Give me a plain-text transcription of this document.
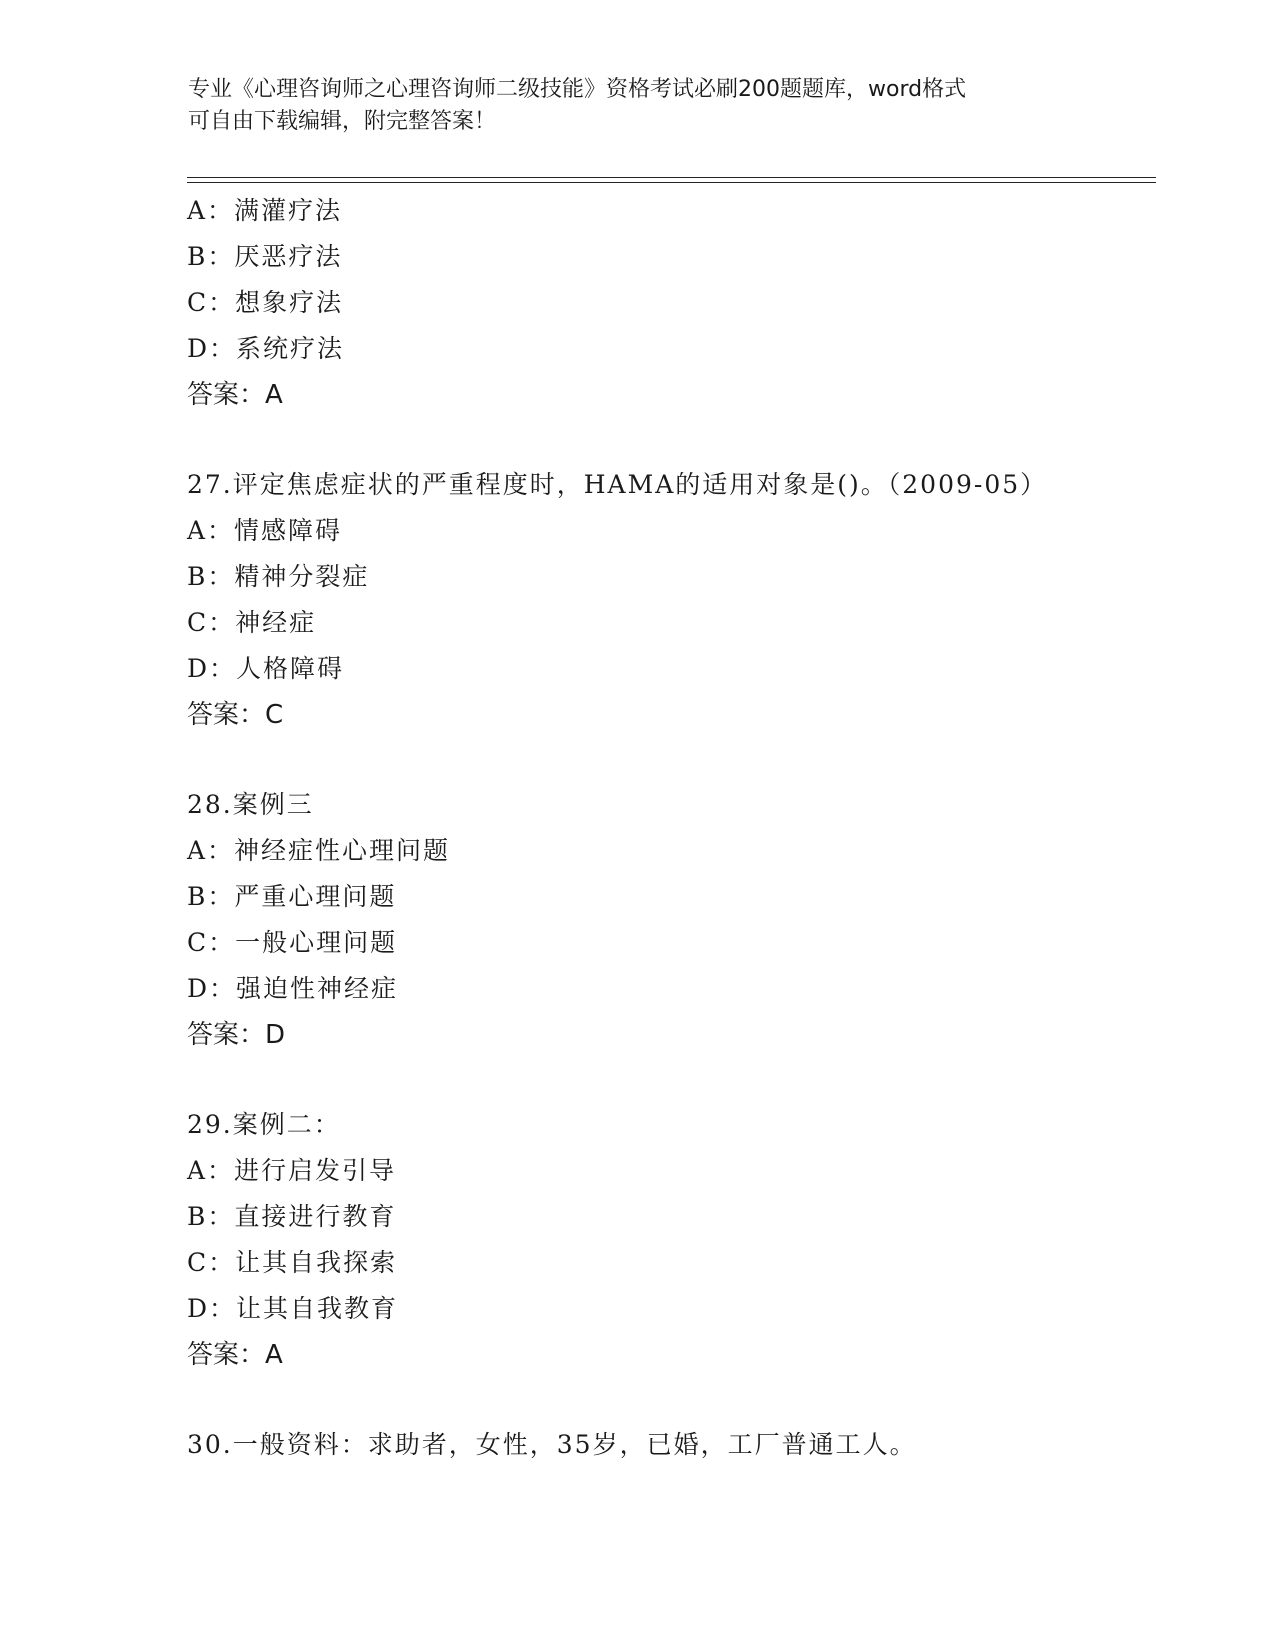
专业《心理咨询师之心理咨询师二级技能》资格考试必刷200题题库，word格式
可自由下载编辑，附完整答案！
A：满灌疗法
B：厌恶疗法
C：想象疗法
D：系统疗法
答案：A
27.评定焦虑症状的严重程度时，HAMA的适用对象是()。（2009-05）
A：情感障碍
B：精神分裂症
C：神经症
D：人格障碍
答案：C
28.案例三
A：神经症性心理问题
B：严重心理问题
C：一般心理问题
D：强迫性神经症
答案：D
29.案例二：
A：进行启发引导
B：直接进行教育
C：让其自我探索
D：让其自我教育
答案：A
30.一般资料：求助者，女性，35岁，已婚，工厂普通工人。
